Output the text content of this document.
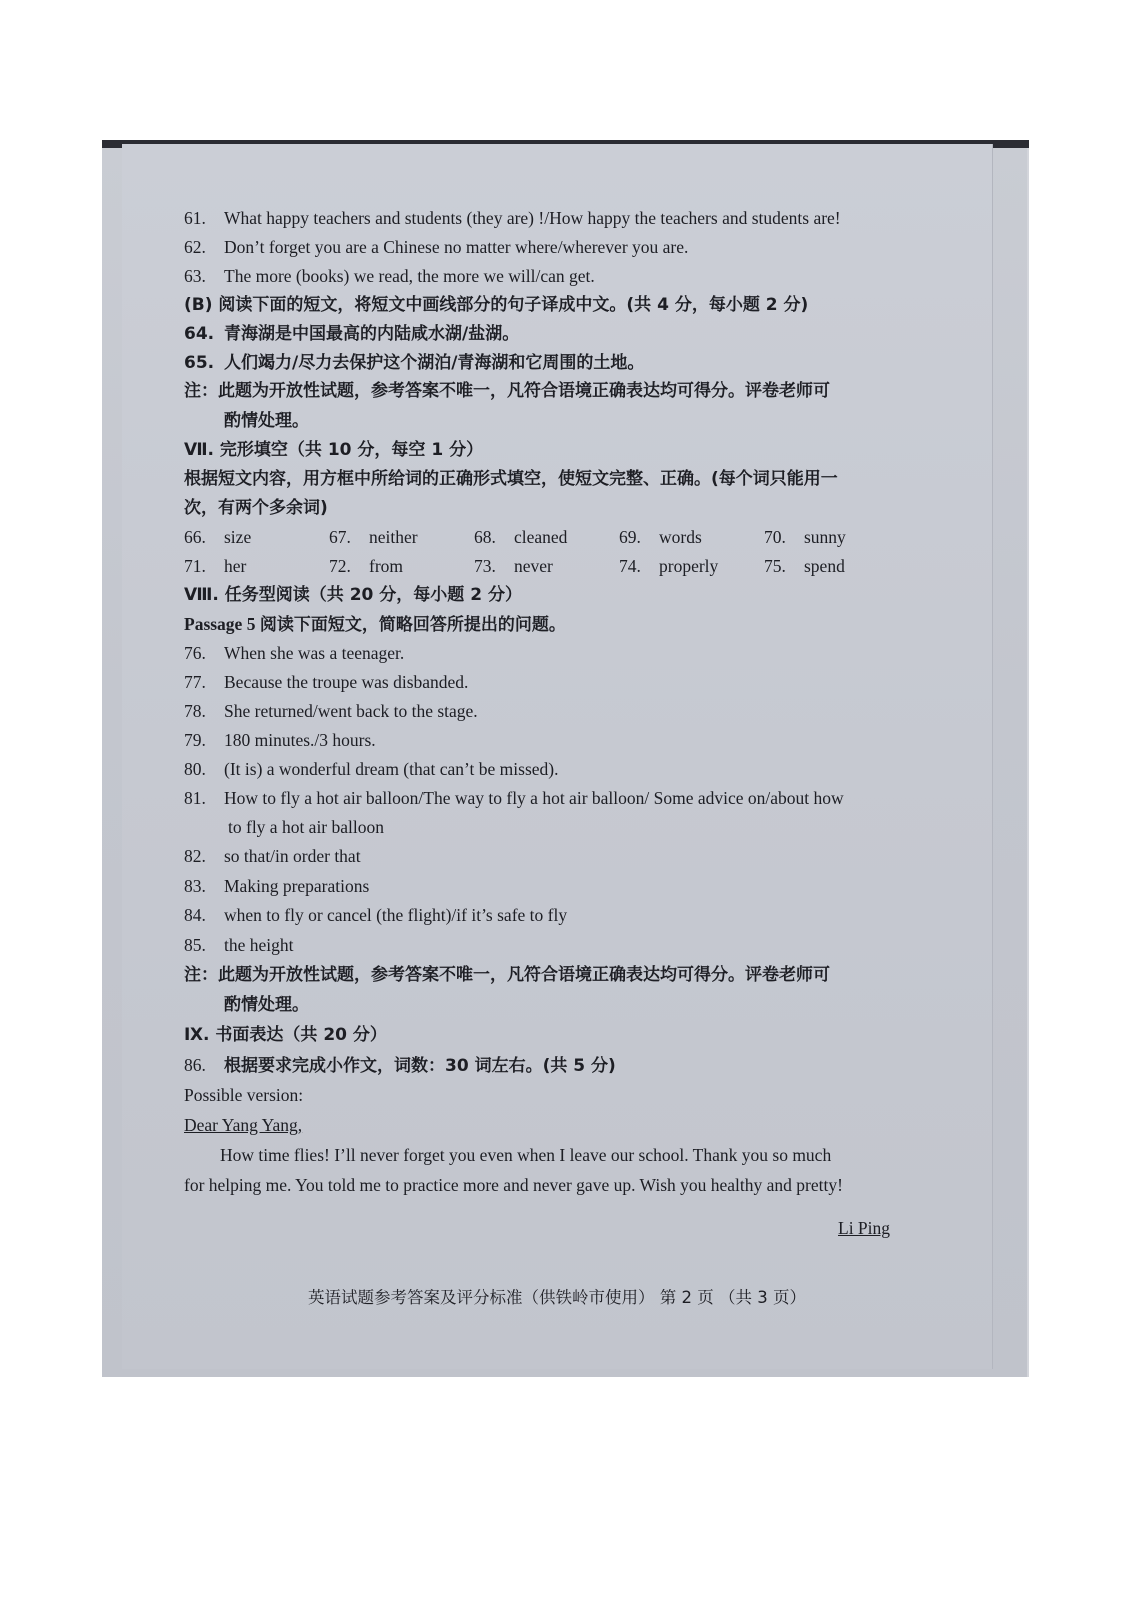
61. What happy teachers and students (they are) !/How happy the teachers and students are!
62. Don’t forget you are a Chinese no matter where/wherever you are.
63. The more (books) we read, the more we will/can get.
(B) 阅读下面的短文，将短文中画线部分的句子译成中文。(共 4 分，每小题 2 分)
64. 青海湖是中国最高的内陆咸水湖/盐湖。
65. 人们竭力/尽力去保护这个湖泊/青海湖和它周围的土地。
注：此题为开放性试题，参考答案不唯一，凡符合语境正确表达均可得分。评卷老师可
酌情处理。
Ⅶ. 完形填空（共 10 分，每空 1 分）
根据短文内容，用方框中所给词的正确形式填空，使短文完整、正确。(每个词只能用一
次，有两个多余词)
66. size	67. neither	68. cleaned	69. words	70. sunny
71. her	72. from	73. never	74. properly	75. spend
Ⅷ. 任务型阅读（共 20 分，每小题 2 分）
Passage 5 阅读下面短文，简略回答所提出的问题。
76. When she was a teenager.
77. Because the troupe was disbanded.
78. She returned/went back to the stage.
79. 180 minutes./3 hours.
80. (It is) a wonderful dream (that can’t be missed).
81. How to fly a hot air balloon/The way to fly a hot air balloon/ Some advice on/about how
to fly a hot air balloon
82. so that/in order that
83. Making preparations
84. when to fly or cancel (the flight)/if it’s safe to fly
85. the height
注：此题为开放性试题，参考答案不唯一，凡符合语境正确表达均可得分。评卷老师可
酌情处理。
Ⅸ. 书面表达（共 20 分）
86. 根据要求完成小作文，词数：30 词左右。(共 5 分)
Possible version:
Dear Yang Yang,
How time flies! I’ll never forget you even when I leave our school. Thank you so much
for helping me. You told me to practice more and never gave up. Wish you healthy and pretty!
Li Ping
英语试题参考答案及评分标准（供铁岭市使用） 第 2 页 （共 3 页）
